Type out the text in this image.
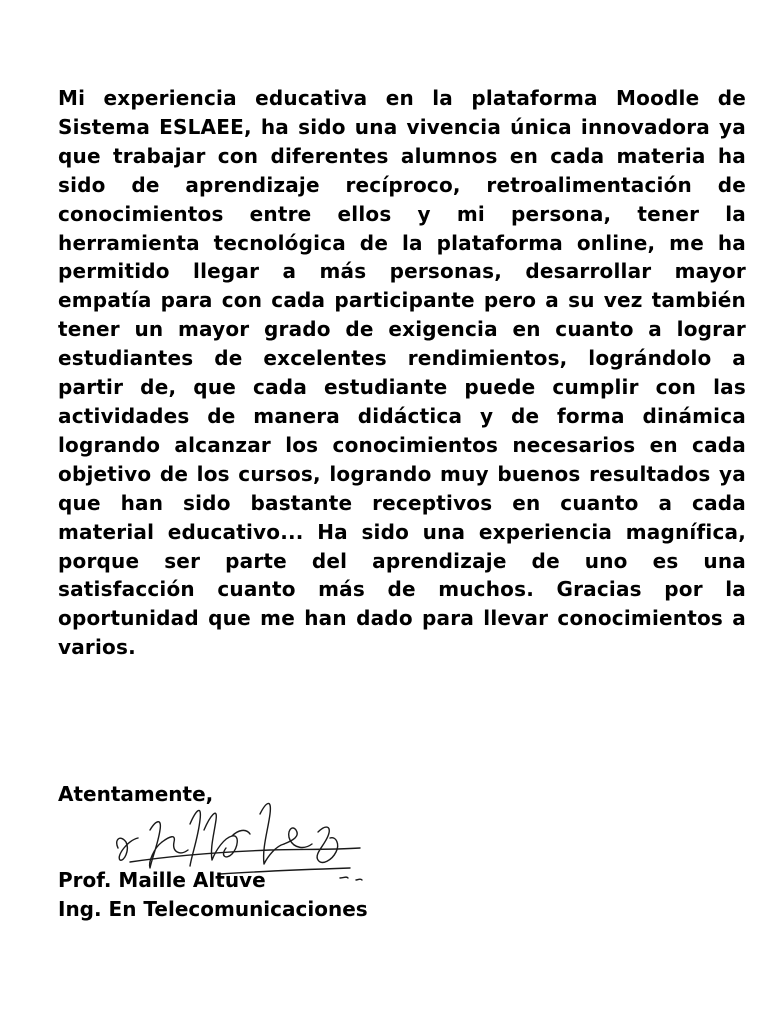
Mi experiencia educativa en la plataforma Moodle de Sistema ESLAEE, ha sido una vivencia única innovadora ya que trabajar con diferentes alumnos en cada materia ha sido de aprendizaje recíproco, retroalimentación de conocimientos entre ellos y mi persona, tener la herramienta tecnológica de la plataforma online, me ha permitido llegar a más personas, desarrollar mayor empatía para con cada participante pero a su vez también tener un mayor grado de exigencia en cuanto a lograr estudiantes de excelentes rendimientos, lográndolo a partir de, que cada estudiante puede cumplir con las actividades de manera didáctica y de forma dinámica logrando alcanzar los conocimientos necesarios en cada objetivo de los cursos, logrando muy buenos resultados ya que han sido bastante receptivos en cuanto a cada material educativo... Ha sido una experiencia magnífica, porque ser parte del aprendizaje de uno es una satisfacción cuanto más de muchos. Gracias por la oportunidad que me han dado para llevar conocimientos a varios.

Atentamente,

Prof. Maille Altuve

Ing. En Telecomunicaciones
